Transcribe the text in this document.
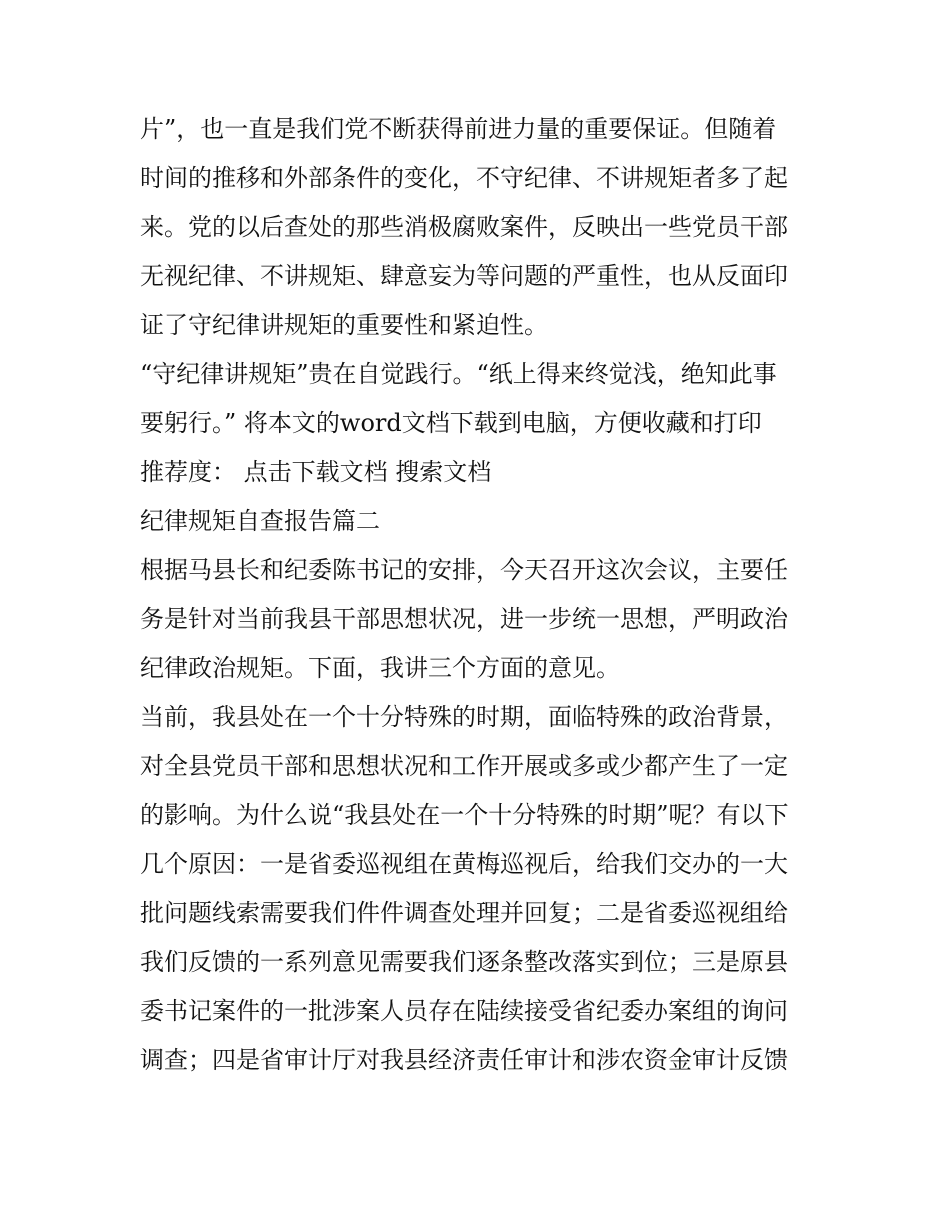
片”，也一直是我们党不断获得前进力量的重要保证。但随着
时间的推移和外部条件的变化，不守纪律、不讲规矩者多了起
来。党的以后查处的那些消极腐败案件，反映出一些党员干部
无视纪律、不讲规矩、肆意妄为等问题的严重性，也从反面印
证了守纪律讲规矩的重要性和紧迫性。
“守纪律讲规矩”贵在自觉践行。“纸上得来终觉浅，绝知此事
要躬行。” 将本文的word文档下载到电脑，方便收藏和打印
推荐度： 点击下载文档 搜索文档
纪律规矩自查报告篇二
根据马县长和纪委陈书记的安排，今天召开这次会议，主要任
务是针对当前我县干部思想状况，进一步统一思想，严明政治
纪律政治规矩。下面，我讲三个方面的意见。
当前，我县处在一个十分特殊的时期，面临特殊的政治背景，
对全县党员干部和思想状况和工作开展或多或少都产生了一定
的影响。为什么说“我县处在一个十分特殊的时期”呢？有以下
几个原因：一是省委巡视组在黄梅巡视后，给我们交办的一大
批问题线索需要我们件件调查处理并回复；二是省委巡视组给
我们反馈的一系列意见需要我们逐条整改落实到位；三是原县
委书记案件的一批涉案人员存在陆续接受省纪委办案组的询问
调查；四是省审计厅对我县经济责任审计和涉农资金审计反馈
